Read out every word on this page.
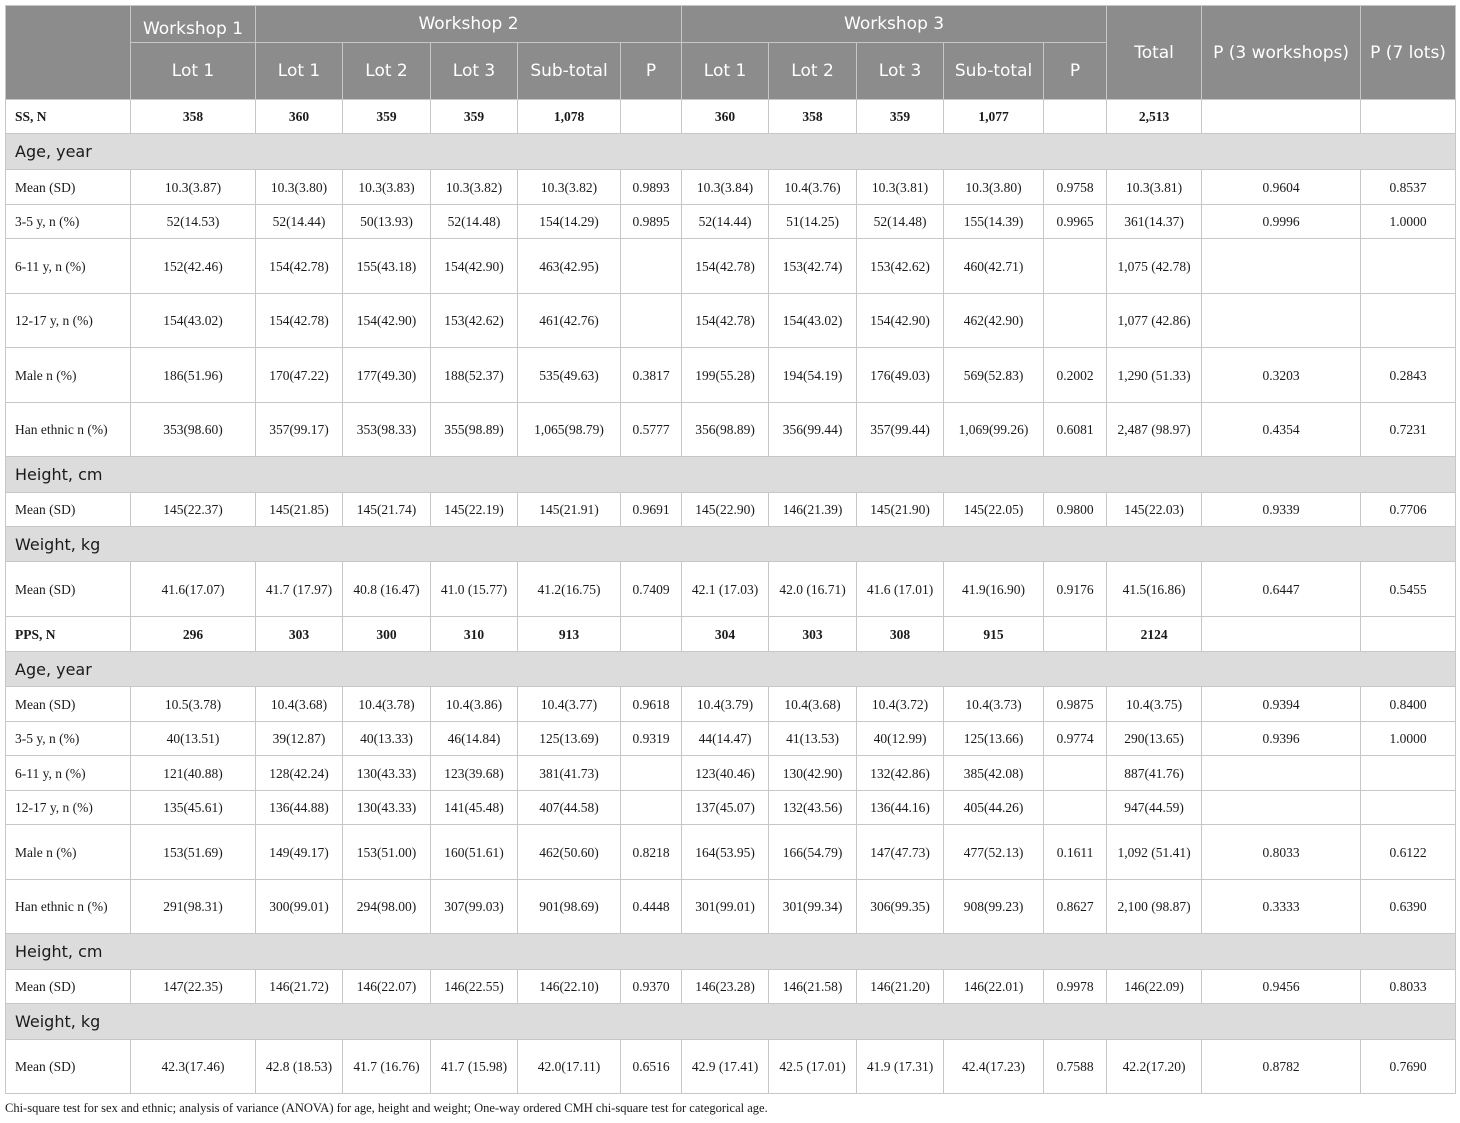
	Workshop 1	Workshop 2					Workshop 3					Total	P (3 workshops)	P (7 lots)
	Lot 1	Lot 1	Lot 2	Lot 3	Sub-total	P	Lot 1	Lot 2	Lot 3	Sub-total	P			
SS, N	358	360	359	359	1,078		360	358	359	1,077		2,513		
Age, year														
Mean (SD)	10.3(3.87)	10.3(3.80)	10.3(3.83)	10.3(3.82)	10.3(3.82)	0.9893	10.3(3.84)	10.4(3.76)	10.3(3.81)	10.3(3.80)	0.9758	10.3(3.81)	0.9604	0.8537
3-5 y, n (%)	52(14.53)	52(14.44)	50(13.93)	52(14.48)	154(14.29)	0.9895	52(14.44)	51(14.25)	52(14.48)	155(14.39)	0.9965	361(14.37)	0.9996	1.0000
6-11 y, n (%)	152(42.46)	154(42.78)	155(43.18)	154(42.90)	463(42.95)		154(42.78)	153(42.74)	153(42.62)	460(42.71)		1,075 (42.78)		
12-17 y, n (%)	154(43.02)	154(42.78)	154(42.90)	153(42.62)	461(42.76)		154(42.78)	154(43.02)	154(42.90)	462(42.90)		1,077 (42.86)		
Male n (%)	186(51.96)	170(47.22)	177(49.30)	188(52.37)	535(49.63)	0.3817	199(55.28)	194(54.19)	176(49.03)	569(52.83)	0.2002	1,290 (51.33)	0.3203	0.2843
Han ethnic n (%)	353(98.60)	357(99.17)	353(98.33)	355(98.89)	1,065(98.79)	0.5777	356(98.89)	356(99.44)	357(99.44)	1,069(99.26)	0.6081	2,487 (98.97)	0.4354	0.7231
Height, cm														
Mean (SD)	145(22.37)	145(21.85)	145(21.74)	145(22.19)	145(21.91)	0.9691	145(22.90)	146(21.39)	145(21.90)	145(22.05)	0.9800	145(22.03)	0.9339	0.7706
Weight, kg														
Mean (SD)	41.6(17.07)	41.7 (17.97)	40.8 (16.47)	41.0 (15.77)	41.2(16.75)	0.7409	42.1 (17.03)	42.0 (16.71)	41.6 (17.01)	41.9(16.90)	0.9176	41.5(16.86)	0.6447	0.5455
PPS, N	296	303	300	310	913		304	303	308	915		2124		
Age, year														
Mean (SD)	10.5(3.78)	10.4(3.68)	10.4(3.78)	10.4(3.86)	10.4(3.77)	0.9618	10.4(3.79)	10.4(3.68)	10.4(3.72)	10.4(3.73)	0.9875	10.4(3.75)	0.9394	0.8400
3-5 y, n (%)	40(13.51)	39(12.87)	40(13.33)	46(14.84)	125(13.69)	0.9319	44(14.47)	41(13.53)	40(12.99)	125(13.66)	0.9774	290(13.65)	0.9396	1.0000
6-11 y, n (%)	121(40.88)	128(42.24)	130(43.33)	123(39.68)	381(41.73)		123(40.46)	130(42.90)	132(42.86)	385(42.08)		887(41.76)		
12-17 y, n (%)	135(45.61)	136(44.88)	130(43.33)	141(45.48)	407(44.58)		137(45.07)	132(43.56)	136(44.16)	405(44.26)		947(44.59)		
Male n (%)	153(51.69)	149(49.17)	153(51.00)	160(51.61)	462(50.60)	0.8218	164(53.95)	166(54.79)	147(47.73)	477(52.13)	0.1611	1,092 (51.41)	0.8033	0.6122
Han ethnic n (%)	291(98.31)	300(99.01)	294(98.00)	307(99.03)	901(98.69)	0.4448	301(99.01)	301(99.34)	306(99.35)	908(99.23)	0.8627	2,100 (98.87)	0.3333	0.6390
Height, cm														
Mean (SD)	147(22.35)	146(21.72)	146(22.07)	146(22.55)	146(22.10)	0.9370	146(23.28)	146(21.58)	146(21.20)	146(22.01)	0.9978	146(22.09)	0.9456	0.8033
Weight, kg														
Mean (SD)	42.3(17.46)	42.8 (18.53)	41.7 (16.76)	41.7 (15.98)	42.0(17.11)	0.6516	42.9 (17.41)	42.5 (17.01)	41.9 (17.31)	42.4(17.23)	0.7588	42.2(17.20)	0.8782	0.7690
Chi-square test for sex and ethnic; analysis of variance (ANOVA) for age, height and weight; One-way ordered CMH chi-square test for categorical age.
